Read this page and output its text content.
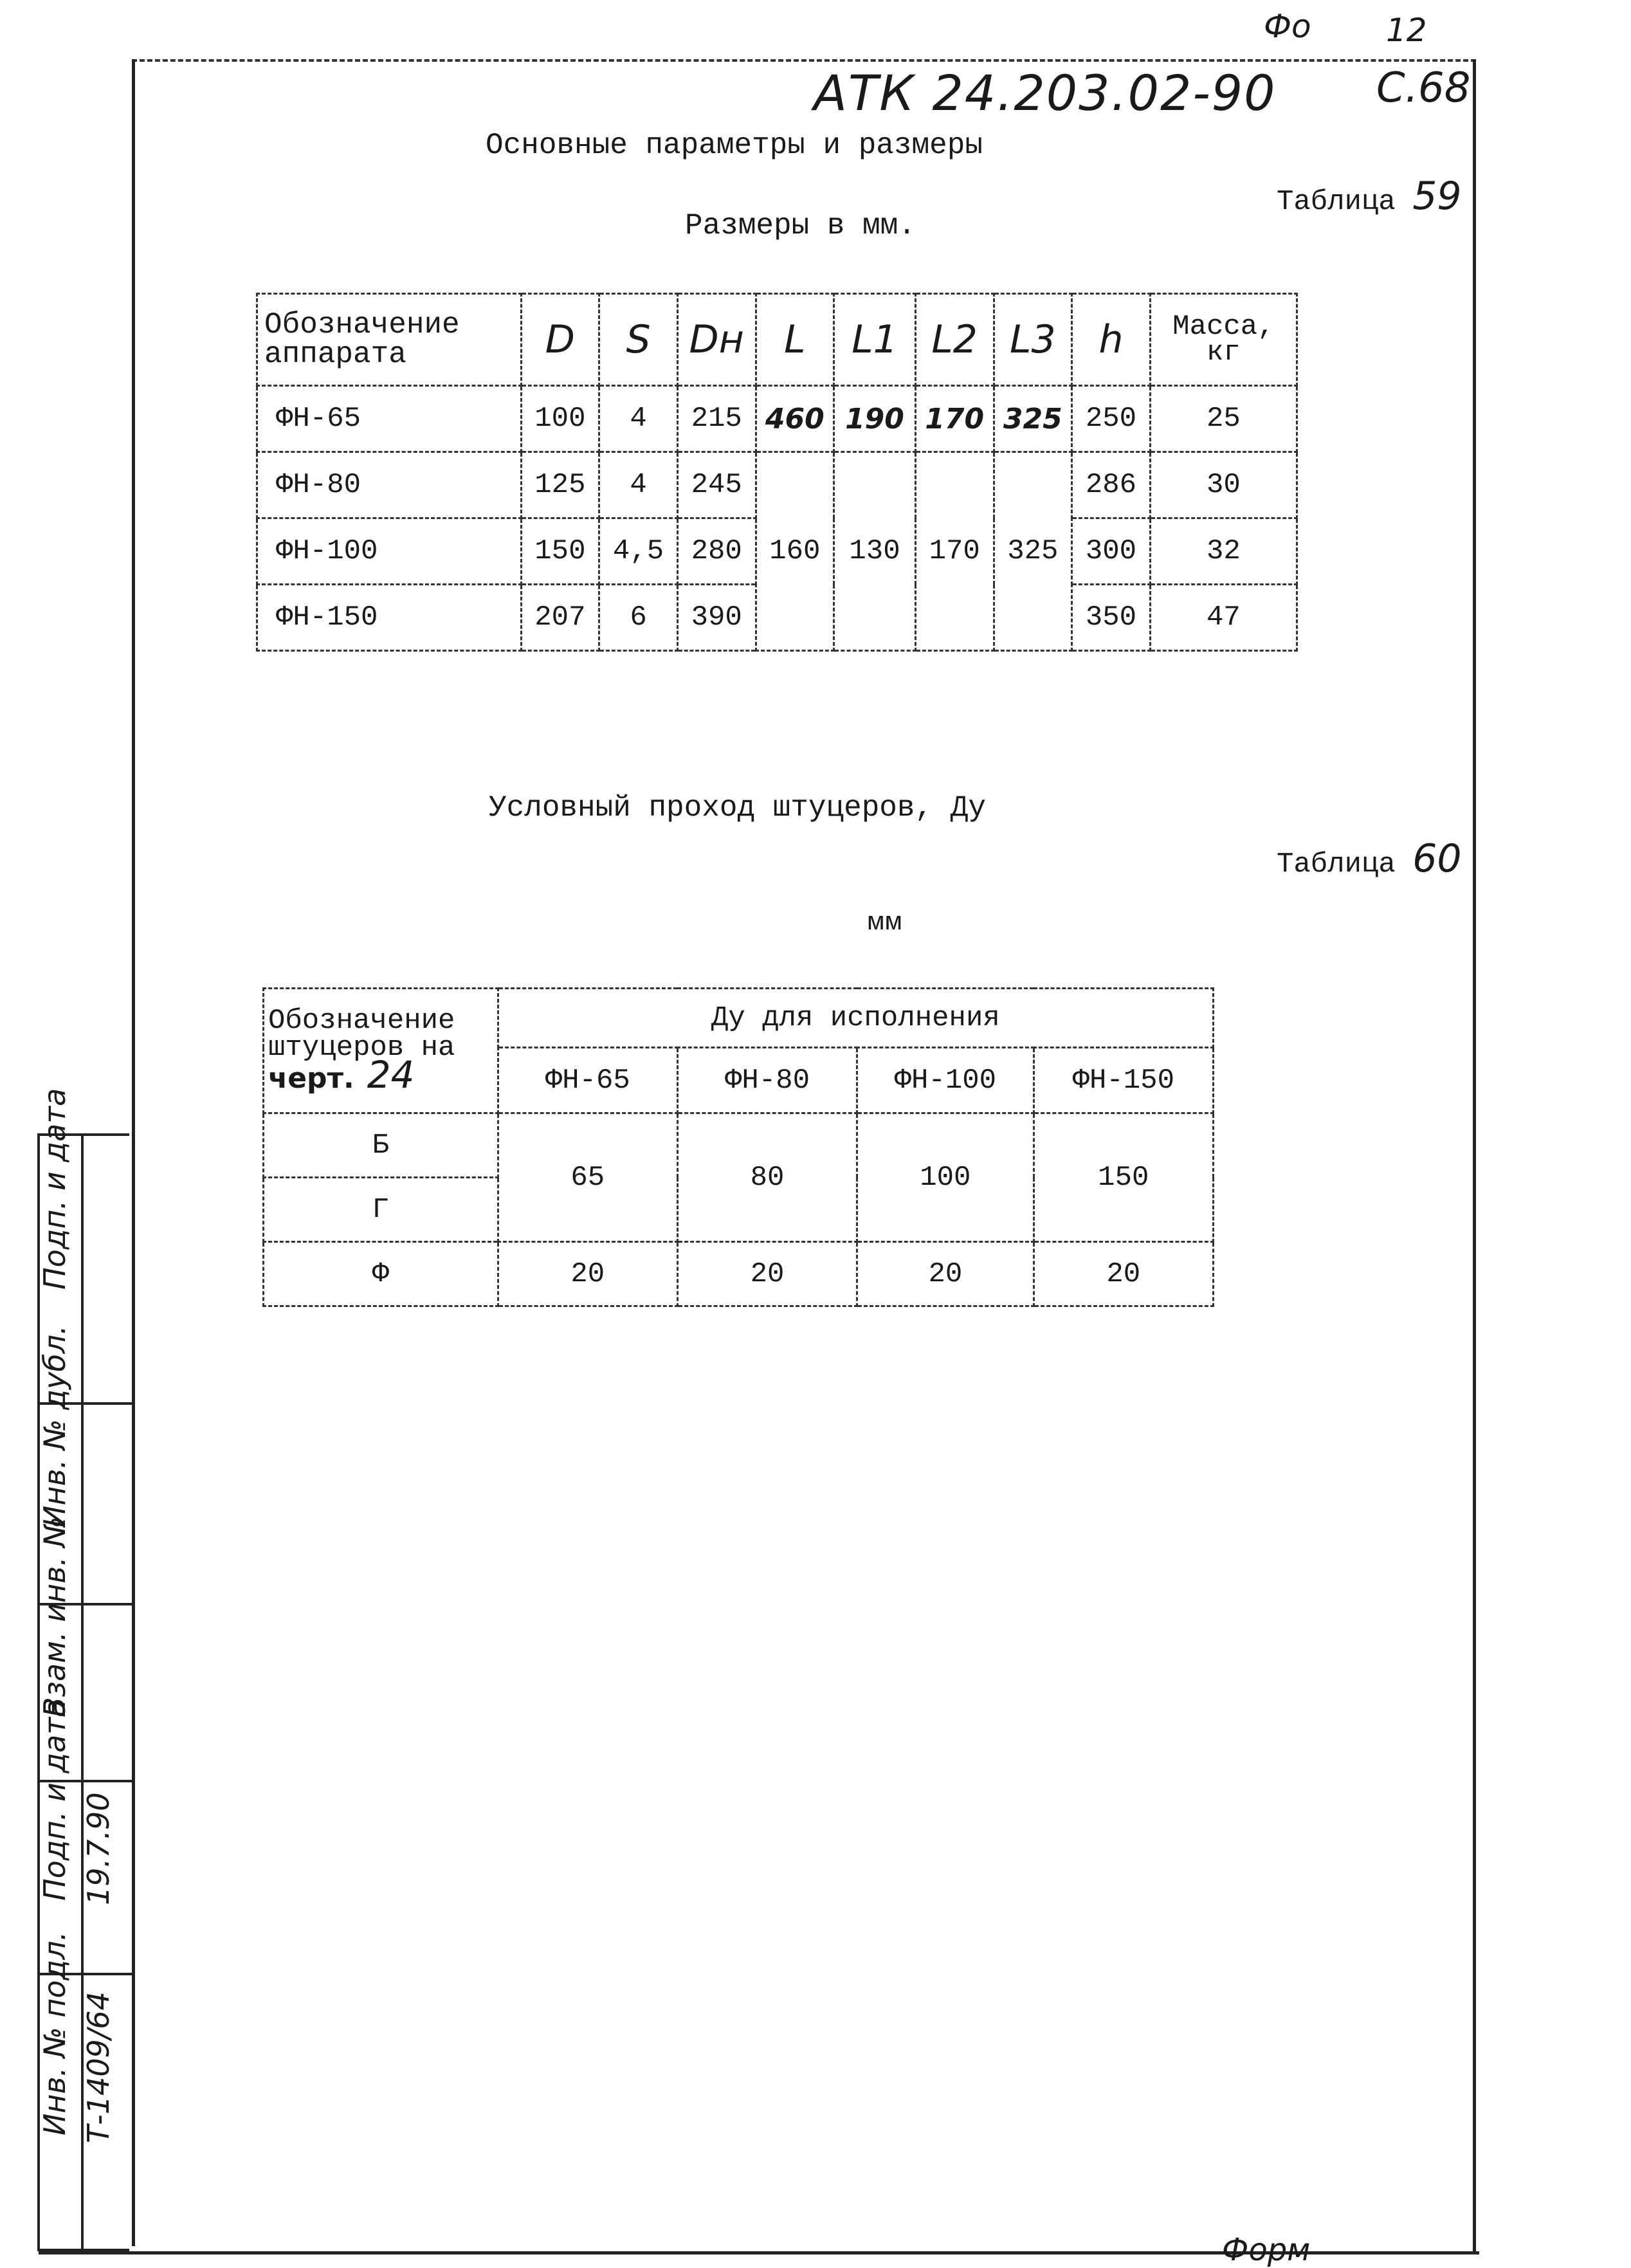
Фо 12
АТК 24.203.02-90 С.68
Основные параметры и размеры
Таблица 59
Размеры в мм.
Обозначение аппарата	D	S	Dн	L	L1	L2	L3	h	Масса, кг
ФН-65	100	4	215	460	190	170	325	250	25
ФН-80	125	4	245	160	130	170	325	286	30
ФН-100	150	4,5	280					300	32
ФН-150	207	6	390					350	47
Условный проход штуцеров, Ду
Таблица 60
мм
Обозначение
штуцеров на
черт. 24	Ду для исполнения			
	ФН-65	ФН-80	ФН-100	ФН-150
Б	65	80	100	150
Г				
Ф	20	20	20	20
Инв. № подл.
Подп. и дата
Взам. инв. №
Инв. № дубл.
Подп. и дата
Т-1409/64
19.7.90
Форм
